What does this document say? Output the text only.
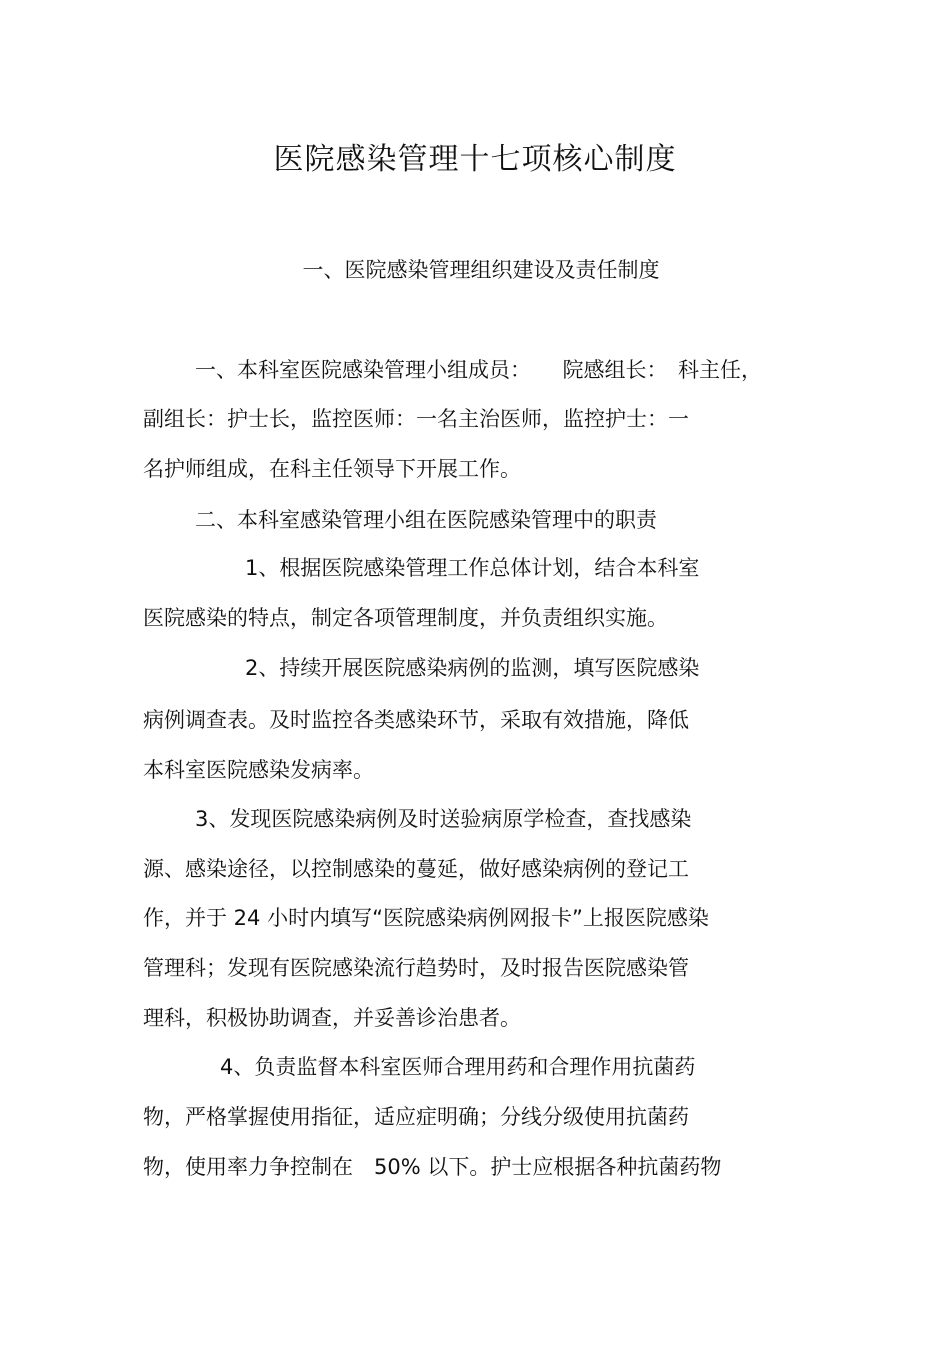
医院感染管理十七项核心制度
一、医院感染管理组织建设及责任制度
一、本科室医院感染管理小组成员：　　院感组长：　科主任，
副组长：护士长，监控医师：一名主治医师，监控护士：一
名护师组成，在科主任领导下开展工作。
二、本科室感染管理小组在医院感染管理中的职责
1、根据医院感染管理工作总体计划，结合本科室
医院感染的特点，制定各项管理制度，并负责组织实施。
2、持续开展医院感染病例的监测，填写医院感染
病例调查表。及时监控各类感染环节，采取有效措施，降低
本科室医院感染发病率。
3、发现医院感染病例及时送验病原学检查，查找感染
源、感染途径，以控制感染的蔓延，做好感染病例的登记工
作，并于 24 小时内填写“医院感染病例网报卡”上报医院感染
管理科；发现有医院感染流行趋势时，及时报告医院感染管
理科，积极协助调查，并妥善诊治患者。
4、负责监督本科室医师合理用药和合理作用抗菌药
物，严格掌握使用指征，适应症明确；分线分级使用抗菌药
物，使用率力争控制在　50% 以下。护士应根据各种抗菌药物
